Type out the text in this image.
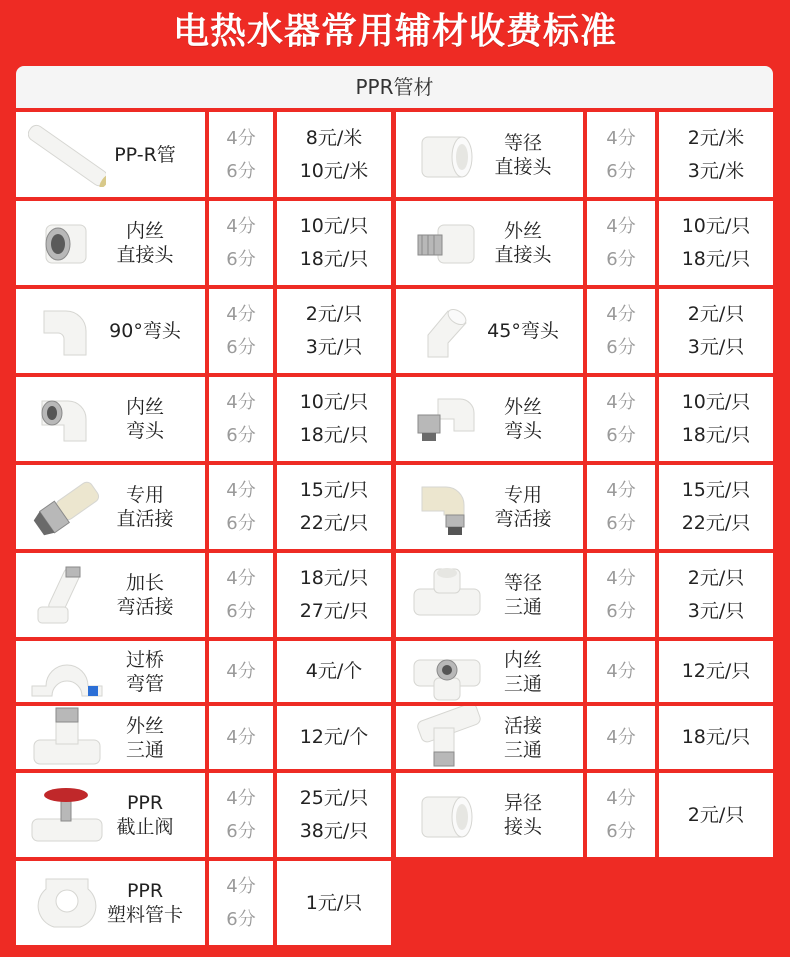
电热水器常用辅材收费标准
PPR管材
PP-R管
4分
6分
8元/米
10元/米
等径
直接头
4分
6分
2元/米
3元/米
内丝
直接头
4分
6分
10元/只
18元/只
外丝
直接头
4分
6分
10元/只
18元/只
90°弯头
4分
6分
2元/只
3元/只
45°弯头
4分
6分
2元/只
3元/只
内丝
弯头
4分
6分
10元/只
18元/只
外丝
弯头
4分
6分
10元/只
18元/只
专用
直活接
4分
6分
15元/只
22元/只
专用
弯活接
4分
6分
15元/只
22元/只
加长
弯活接
4分
6分
18元/只
27元/只
等径
三通
4分
6分
2元/只
3元/只
过桥
弯管
4分	4元/个
内丝
三通
4分 12元/只
外丝
三通
4分 12元/个
活接
三通
4分 18元/只
PPR
截止阀
4分
6分
25元/只
38元/只
异径
接头
4分
6分
2元/只
PPR
塑料管卡
4分
6分
1元/只
